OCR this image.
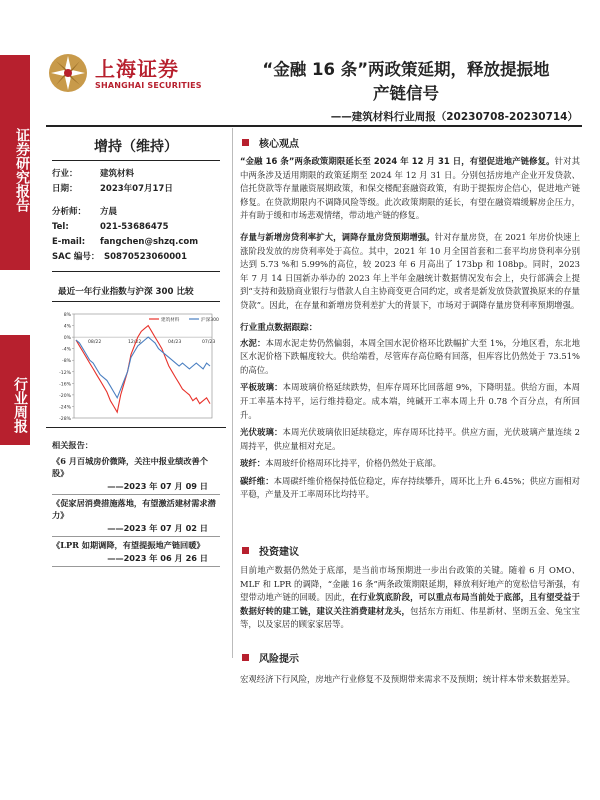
证券研究报告
行业周报
上海证券
SHANGHAI SECURITIES
“金融 16 条”两政策延期，释放提振地
产链信号
——建筑材料行业周报（20230708-20230714）
增持（维持）
行业：	建筑材料
日期：	2023年07月17日
分析师：	方晨
Tel:	021-53686475
E-mail:	fangchen@shzq.com
SAC 编号： S0870523060001
最近一年行业指数与沪深 300 比较
8%
4%
0%
-4%
-8%
-12%
-16%
-20%
-24%
-28%
08/22	12/22	04/23	07/23
建筑材料	沪深300
相关报告：
《6 月百城房价微降，关注中报业绩改善个股》
——2023 年 07 月 09 日
《促家居消费措施落地，有望激活建材需求潜力》
——2023 年 07 月 02 日
《LPR 如期调降，有望提振地产链回暖》
——2023 年 06 月 26 日
核心观点
“金融 16 条”两条政策期限延长至 2024 年 12 月 31 日，有望促进地产链修复。针对其中两条涉及适用期限的政策延期至 2024 年 12 月 31 日。分别包括房地产企业开发贷款、信托贷款等存量融资展期政策，和保交楼配套融资政策，有助于提振房企信心，促进地产链修复。在贷款期限内不调降风险等级。此次政策期限的延长，有望在融资端缓解房企压力，并有助于缓和市场悲观情绪，带动地产链的修复。
存量与新增房贷利率扩大，调降存量房贷预期增强。针对存量房贷，在 2021 年房价快速上涨阶段发放的房贷利率处于高位。其中，2021 年 10 月全国首套和二套平均房贷利率分别达到 5.73 %和 5.99%的高位，较 2023 年 6 月高出了 173bp 和 108bp。同时，2023 年 7 月 14 日国新办举办的 2023 年上半年金融统计数据情况发布会上，央行部满会上提到“支持和鼓励商业银行与借款人自主协商变更合同约定，或者是新发放贷款置换原来的存量贷款”。因此，在存量和新增房贷利差扩大的背景下，市场对于调降存量房贷利率预期增强。
行业重点数据跟踪：
水泥：本周水泥走势仍然偏弱，本周全国水泥价格环比跌幅扩大至 1%，分地区看，东北地区水泥价格下跌幅度较大。供给端看，尽管库存高位略有回落，但库容比仍然处于 73.51%的高位。
平板玻璃：本周玻璃价格延续跌势，但库存周环比回落超 9%，下降明显。供给方面，本周开工率基本持平，运行维持稳定。成本端，纯碱开工率本周上升 0.78 个百分点，有所回升。
光伏玻璃：本周光伏玻璃依旧延续稳定，库存周环比持平。供应方面，光伏玻璃产量连续 2 周持平，供应量相对充足。
玻纤：本周玻纤价格周环比持平，价格仍然处于底部。
碳纤维：本周碳纤维价格保持低位稳定，库存持续攀升，周环比上升 6.45%；供应方面相对平稳，产量及开工率周环比均持平。
投资建议
目前地产数据仍然处于底部，是当前市场预期进一步出台政策的关键。随着 6 月 OMO、MLF 和 LPR 的调降，“金融 16 条”两条政策期限延期，释放利好地产的宽松信号渐强，有望带动地产链的回暖。因此，在行业筑底阶段，可以重点布局当前处于底部，且有望受益于数据好转的建工链，建议关注消费建材龙头，包括东方雨虹、伟星新材、坚朗五金、兔宝宝等，以及家居的顾家家居等。
风险提示
宏观经济下行风险，房地产行业修复不及预期带来需求不及预期；统计样本带来数据差异。
